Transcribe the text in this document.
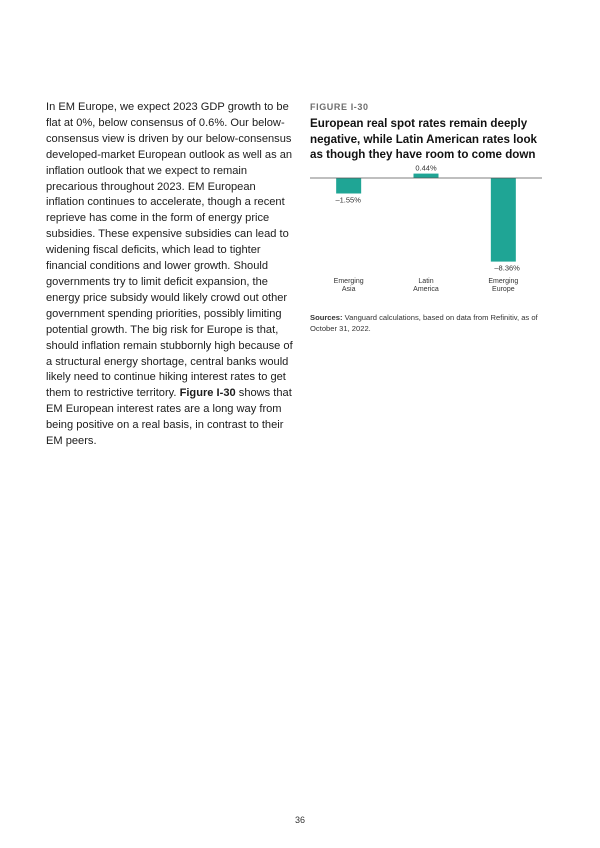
In EM Europe, we expect 2023 GDP growth to be flat at 0%, below consensus of 0.6%. Our below-consensus view is driven by our below-consensus developed-market European outlook as well as an inflation outlook that we expect to remain precarious throughout 2023. EM European inflation continues to accelerate, though a recent reprieve has come in the form of energy price subsidies. These expensive subsidies can lead to widening fiscal deficits, which lead to tighter financial conditions and lower growth. Should governments try to limit deficit expansion, the energy price subsidy would likely crowd out other government spending priorities, possibly limiting potential growth. The big risk for Europe is that, should inflation remain stubbornly high because of a structural energy shortage, central banks would likely need to continue hiking interest rates to get them to restrictive territory. Figure I-30 shows that EM European interest rates are a long way from being positive on a real basis, in contrast to their EM peers.
FIGURE I-30
European real spot rates remain deeply negative, while Latin American rates look as though they have room to come down
–1.55%
Emerging Asia
0.44%
Latin America
–8.36%
Emerging Europe
Sources: Vanguard calculations, based on data from Refinitiv, as of October 31, 2022.
36
